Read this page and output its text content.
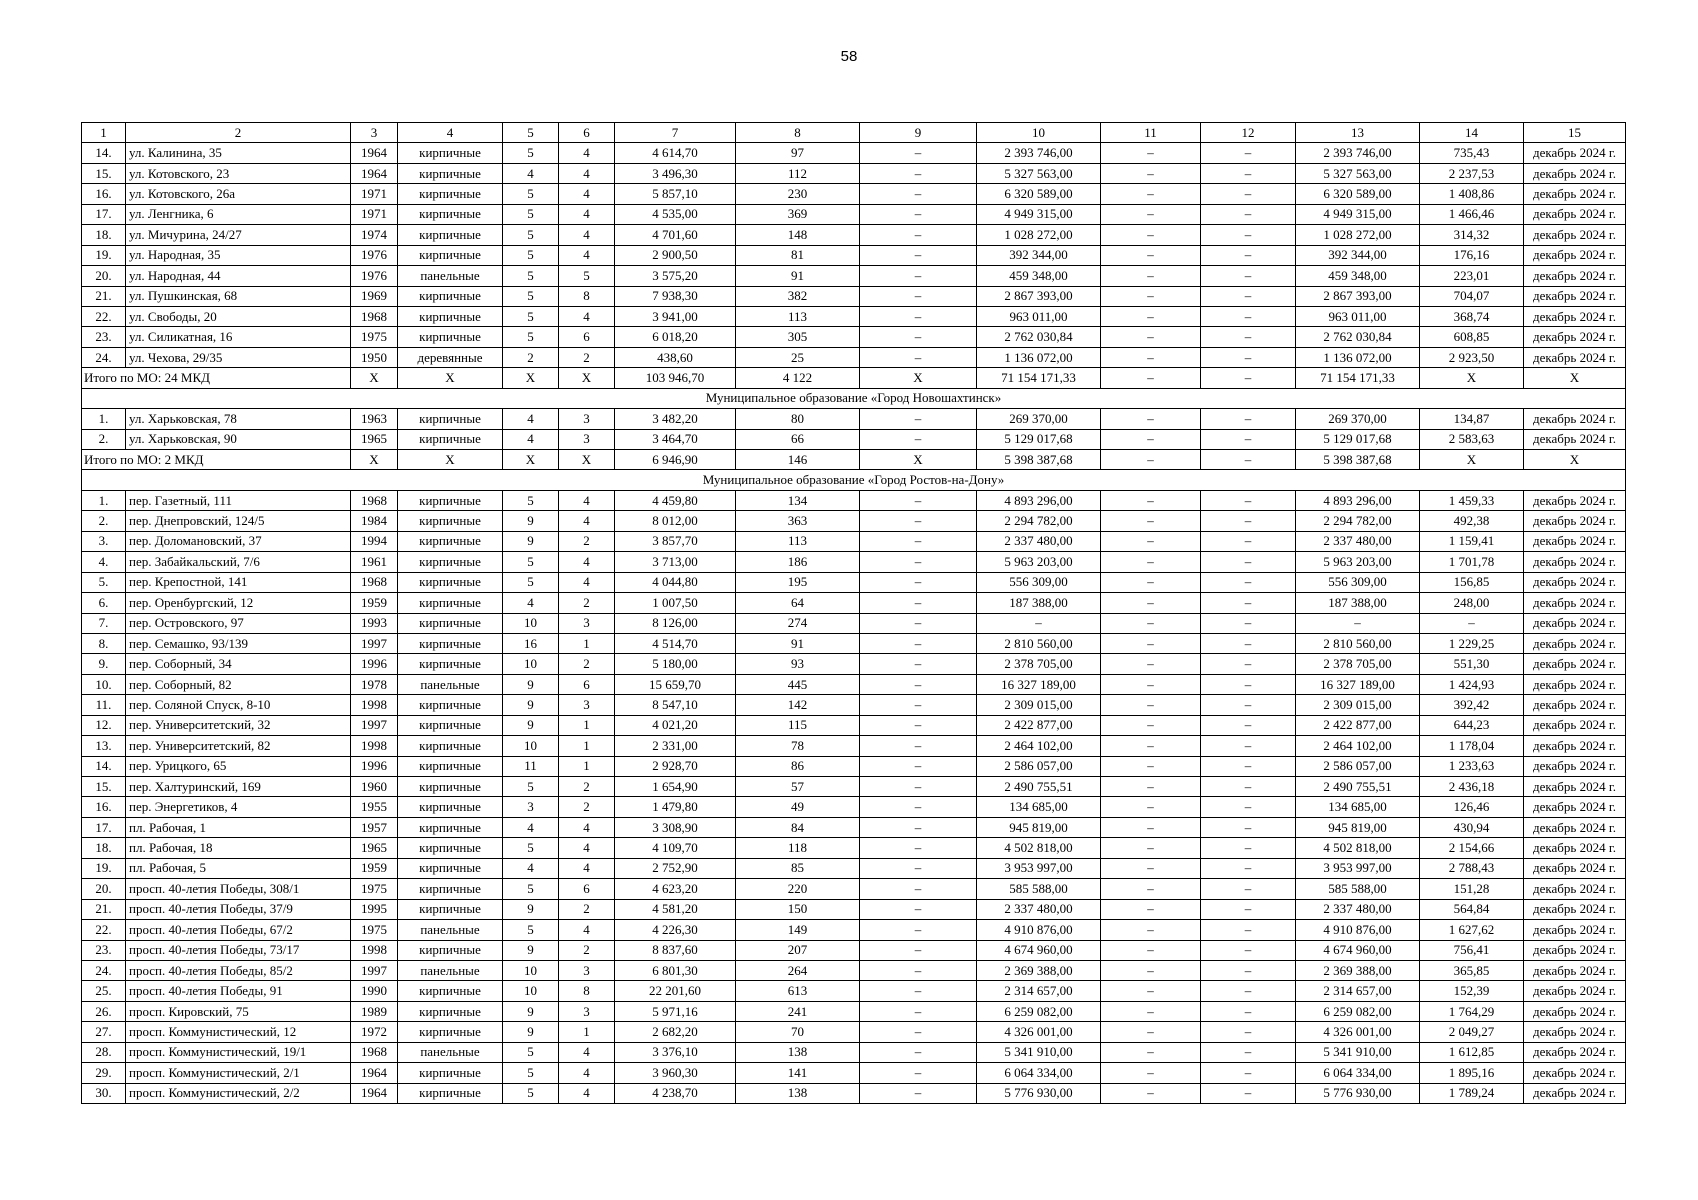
58
1	2	3	4	5	6	7	8	9	10	11	12	13	14	15
14.	ул. Калинина, 35	1964	кирпичные	5	4	4 614,70	97	–	2 393 746,00	–	–	2 393 746,00	735,43	декабрь 2024 г.
15.	ул. Котовского, 23	1964	кирпичные	4	4	3 496,30	112	–	5 327 563,00	–	–	5 327 563,00	2 237,53	декабрь 2024 г.
16.	ул. Котовского, 26а	1971	кирпичные	5	4	5 857,10	230	–	6 320 589,00	–	–	6 320 589,00	1 408,86	декабрь 2024 г.
17.	ул. Ленгника, 6	1971	кирпичные	5	4	4 535,00	369	–	4 949 315,00	–	–	4 949 315,00	1 466,46	декабрь 2024 г.
18.	ул. Мичурина, 24/27	1974	кирпичные	5	4	4 701,60	148	–	1 028 272,00	–	–	1 028 272,00	314,32	декабрь 2024 г.
19.	ул. Народная, 35	1976	кирпичные	5	4	2 900,50	81	–	392 344,00	–	–	392 344,00	176,16	декабрь 2024 г.
20.	ул. Народная, 44	1976	панельные	5	5	3 575,20	91	–	459 348,00	–	–	459 348,00	223,01	декабрь 2024 г.
21.	ул. Пушкинская, 68	1969	кирпичные	5	8	7 938,30	382	–	2 867 393,00	–	–	2 867 393,00	704,07	декабрь 2024 г.
22.	ул. Свободы, 20	1968	кирпичные	5	4	3 941,00	113	–	963 011,00	–	–	963 011,00	368,74	декабрь 2024 г.
23.	ул. Силикатная, 16	1975	кирпичные	5	6	6 018,20	305	–	2 762 030,84	–	–	2 762 030,84	608,85	декабрь 2024 г.
24.	ул. Чехова, 29/35	1950	деревянные	2	2	438,60	25	–	1 136 072,00	–	–	1 136 072,00	2 923,50	декабрь 2024 г.
Итого по МО: 24 МКД		Х	Х	Х	Х	103 946,70	4 122	Х	71 154 171,33	–	–	71 154 171,33	Х	Х
Муниципальное образование «Город Новошахтинск»														
1.	ул. Харьковская, 78	1963	кирпичные	4	3	3 482,20	80	–	269 370,00	–	–	269 370,00	134,87	декабрь 2024 г.
2.	ул. Харьковская, 90	1965	кирпичные	4	3	3 464,70	66	–	5 129 017,68	–	–	5 129 017,68	2 583,63	декабрь 2024 г.
Итого по МО: 2 МКД		Х	Х	Х	Х	6 946,90	146	Х	5 398 387,68	–	–	5 398 387,68	Х	Х
Муниципальное образование «Город Ростов-на-Дону»														
1.	пер. Газетный, 111	1968	кирпичные	5	4	4 459,80	134	–	4 893 296,00	–	–	4 893 296,00	1 459,33	декабрь 2024 г.
2.	пер. Днепровский, 124/5	1984	кирпичные	9	4	8 012,00	363	–	2 294 782,00	–	–	2 294 782,00	492,38	декабрь 2024 г.
3.	пер. Доломановский, 37	1994	кирпичные	9	2	3 857,70	113	–	2 337 480,00	–	–	2 337 480,00	1 159,41	декабрь 2024 г.
4.	пер. Забайкальский, 7/6	1961	кирпичные	5	4	3 713,00	186	–	5 963 203,00	–	–	5 963 203,00	1 701,78	декабрь 2024 г.
5.	пер. Крепостной, 141	1968	кирпичные	5	4	4 044,80	195	–	556 309,00	–	–	556 309,00	156,85	декабрь 2024 г.
6.	пер. Оренбургский, 12	1959	кирпичные	4	2	1 007,50	64	–	187 388,00	–	–	187 388,00	248,00	декабрь 2024 г.
7.	пер. Островского, 97	1993	кирпичные	10	3	8 126,00	274	–	–	–	–	–	–	декабрь 2024 г.
8.	пер. Семашко, 93/139	1997	кирпичные	16	1	4 514,70	91	–	2 810 560,00	–	–	2 810 560,00	1 229,25	декабрь 2024 г.
9.	пер. Соборный, 34	1996	кирпичные	10	2	5 180,00	93	–	2 378 705,00	–	–	2 378 705,00	551,30	декабрь 2024 г.
10.	пер. Соборный, 82	1978	панельные	9	6	15 659,70	445	–	16 327 189,00	–	–	16 327 189,00	1 424,93	декабрь 2024 г.
11.	пер. Соляной Спуск, 8-10	1998	кирпичные	9	3	8 547,10	142	–	2 309 015,00	–	–	2 309 015,00	392,42	декабрь 2024 г.
12.	пер. Университетский, 32	1997	кирпичные	9	1	4 021,20	115	–	2 422 877,00	–	–	2 422 877,00	644,23	декабрь 2024 г.
13.	пер. Университетский, 82	1998	кирпичные	10	1	2 331,00	78	–	2 464 102,00	–	–	2 464 102,00	1 178,04	декабрь 2024 г.
14.	пер. Урицкого, 65	1996	кирпичные	11	1	2 928,70	86	–	2 586 057,00	–	–	2 586 057,00	1 233,63	декабрь 2024 г.
15.	пер. Халтуринский, 169	1960	кирпичные	5	2	1 654,90	57	–	2 490 755,51	–	–	2 490 755,51	2 436,18	декабрь 2024 г.
16.	пер. Энергетиков, 4	1955	кирпичные	3	2	1 479,80	49	–	134 685,00	–	–	134 685,00	126,46	декабрь 2024 г.
17.	пл. Рабочая, 1	1957	кирпичные	4	4	3 308,90	84	–	945 819,00	–	–	945 819,00	430,94	декабрь 2024 г.
18.	пл. Рабочая, 18	1965	кирпичные	5	4	4 109,70	118	–	4 502 818,00	–	–	4 502 818,00	2 154,66	декабрь 2024 г.
19.	пл. Рабочая, 5	1959	кирпичные	4	4	2 752,90	85	–	3 953 997,00	–	–	3 953 997,00	2 788,43	декабрь 2024 г.
20.	просп. 40-летия Победы, 308/1	1975	кирпичные	5	6	4 623,20	220	–	585 588,00	–	–	585 588,00	151,28	декабрь 2024 г.
21.	просп. 40-летия Победы, 37/9	1995	кирпичные	9	2	4 581,20	150	–	2 337 480,00	–	–	2 337 480,00	564,84	декабрь 2024 г.
22.	просп. 40-летия Победы, 67/2	1975	панельные	5	4	4 226,30	149	–	4 910 876,00	–	–	4 910 876,00	1 627,62	декабрь 2024 г.
23.	просп. 40-летия Победы, 73/17	1998	кирпичные	9	2	8 837,60	207	–	4 674 960,00	–	–	4 674 960,00	756,41	декабрь 2024 г.
24.	просп. 40-летия Победы, 85/2	1997	панельные	10	3	6 801,30	264	–	2 369 388,00	–	–	2 369 388,00	365,85	декабрь 2024 г.
25.	просп. 40-летия Победы, 91	1990	кирпичные	10	8	22 201,60	613	–	2 314 657,00	–	–	2 314 657,00	152,39	декабрь 2024 г.
26.	просп. Кировский, 75	1989	кирпичные	9	3	5 971,16	241	–	6 259 082,00	–	–	6 259 082,00	1 764,29	декабрь 2024 г.
27.	просп. Коммунистический, 12	1972	кирпичные	9	1	2 682,20	70	–	4 326 001,00	–	–	4 326 001,00	2 049,27	декабрь 2024 г.
28.	просп. Коммунистический, 19/1	1968	панельные	5	4	3 376,10	138	–	5 341 910,00	–	–	5 341 910,00	1 612,85	декабрь 2024 г.
29.	просп. Коммунистический, 2/1	1964	кирпичные	5	4	3 960,30	141	–	6 064 334,00	–	–	6 064 334,00	1 895,16	декабрь 2024 г.
30.	просп. Коммунистический, 2/2	1964	кирпичные	5	4	4 238,70	138	–	5 776 930,00	–	–	5 776 930,00	1 789,24	декабрь 2024 г.
